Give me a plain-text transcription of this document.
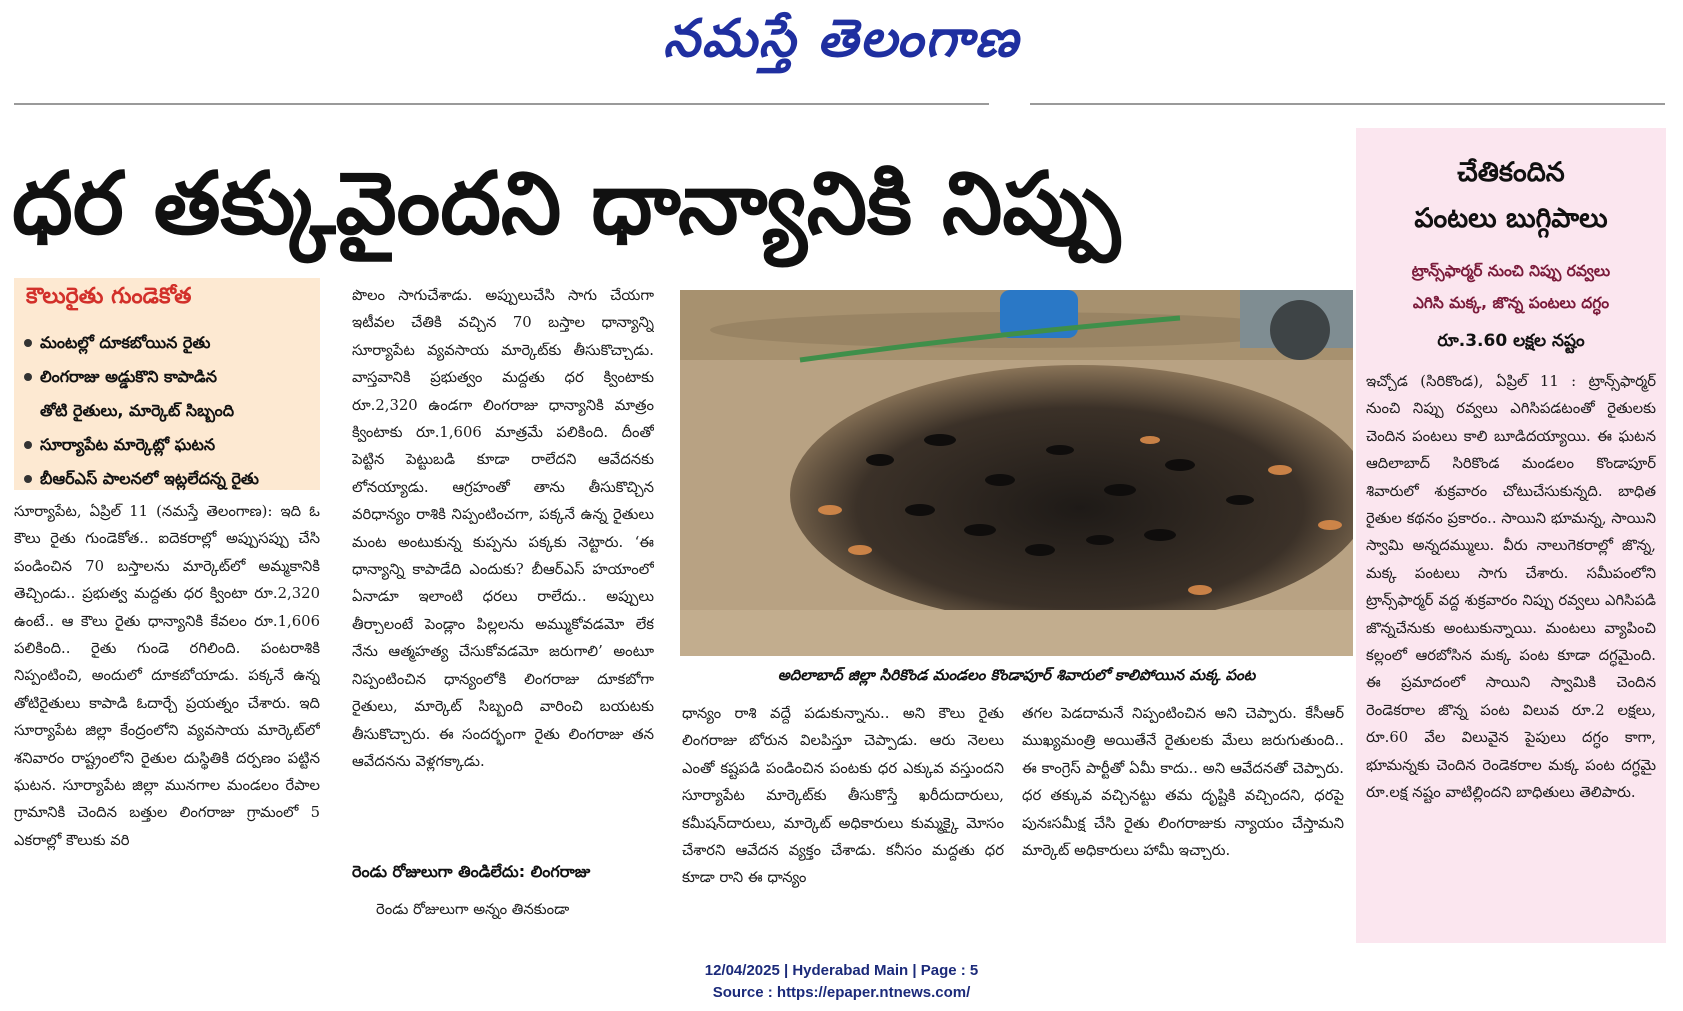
నమస్తే తెలంగాణ
ధర తక్కువైందని ధాన్యానికి నిప్పు
కౌలురైతు గుండెకోత
మంటల్లో దూకబోయిన రైతు
లింగరాజు అడ్డుకొని కాపాడిన
తోటి రైతులు, మార్కెట్ సిబ్బంది
సూర్యాపేట మార్కెట్లో ఘటన
బీఆర్ఎస్ పాలనలో ఇట్లలేదన్న రైతు
సూర్యాపేట, ఏప్రిల్ 11 (నమస్తే తెలంగాణ): ఇది ఓ కౌలు రైతు గుండెకోత.. ఐదెకరాల్లో అప్పుసప్పు చేసి పండించిన 70 బస్తాలను మార్కెట్‌లో అమ్మకానికి తెచ్చిండు.. ప్రభుత్వ మద్దతు ధర క్వింటా రూ.2,320 ఉంటే.. ఆ కౌలు రైతు ధాన్యానికి కేవలం రూ.1,606 పలికింది.. రైతు గుండె రగిలింది. పంటరాశికి నిప్పంటించి, అందులో దూకబోయాడు. పక్కనే ఉన్న తోటిరైతులు కాపాడి ఓదార్చే ప్రయత్నం చేశారు. ఇది సూర్యాపేట జిల్లా కేంద్రంలోని వ్యవసాయ మార్కెట్‌లో శనివారం రాష్ట్రంలోని రైతుల దుస్థితికి దర్పణం పట్టిన ఘటన. సూర్యాపేట జిల్లా మునగాల మండలం రేపాల గ్రామానికి చెందిన బత్తుల లింగరాజు గ్రామంలో 5 ఎకరాల్లో కౌలుకు వరి
పొలం సాగుచేశాడు. అప్పులుచేసి సాగు చేయగా ఇటీవల చేతికి వచ్చిన 70 బస్తాల ధాన్యాన్ని సూర్యాపేట వ్యవసాయ మార్కెట్‌కు తీసుకొచ్చాడు. వాస్తవానికి ప్రభుత్వం మద్దతు ధర క్వింటాకు రూ.2,320 ఉండగా లింగరాజు ధాన్యానికి మాత్రం క్వింటాకు రూ.1,606 మాత్రమే పలికింది. దీంతో పెట్టిన పెట్టుబడి కూడా రాలేదని ఆవేదనకు లోనయ్యాడు. ఆగ్రహంతో తాను తీసుకొచ్చిన వరిధాన్యం రాశికి నిప్పంటించగా, పక్కనే ఉన్న రైతులు మంట అంటుకున్న కుప్పను పక్కకు నెట్టారు. ‘ఈ ధాన్యాన్ని కాపాడేది ఎందుకు? బీఆర్ఎస్ హయాంలో ఏనాడూ ఇలాంటి ధరలు రాలేదు.. అప్పులు తీర్చాలంటే పెండ్లాం పిల్లలను అమ్ముకోవడమో లేక నేను ఆత్మహత్య చేసుకోవడమో జరుగాలి’ అంటూ నిప్పంటించిన ధాన్యంలోకి లింగరాజు దూకబోగా రైతులు, మార్కెట్ సిబ్బంది వారించి బయటకు తీసుకొచ్చారు. ఈ సందర్భంగా రైతు లింగరాజు తన ఆవేదనను వెళ్లగక్కాడు.
రెండు రోజులుగా తిండిలేదు: లింగరాజు
రెండు రోజులుగా అన్నం తినకుండా
అదిలాబాద్ జిల్లా సిరికొండ మండలం కొండాపూర్ శివారులో కాలిపోయిన మక్క పంట
ధాన్యం రాశి వద్దే పడుకున్నాను.. అని కౌలు రైతు లింగరాజు బోరున విలపిస్తూ చెప్పాడు. ఆరు నెలలు ఎంతో కష్టపడి పండించిన పంటకు ధర ఎక్కువ వస్తుందని సూర్యాపేట మార్కెట్‌కు తీసుకొస్తే ఖరీదుదారులు, కమీషన్‌దారులు, మార్కెట్ అధికారులు కుమ్మక్కై మోసం చేశారని ఆవేదన వ్యక్తం చేశాడు. కనీసం మద్దతు ధర కూడా రాని ఈ ధాన్యం
తగల పెడదామనే నిప్పంటించిన అని చెప్పారు. కేసీఆర్ ముఖ్యమంత్రి అయితేనే రైతులకు మేలు జరుగుతుంది.. ఈ కాంగ్రెస్ పార్టీతో ఏమీ కాదు.. అని ఆవేదనతో చెప్పారు. ధర తక్కువ వచ్చినట్టు తమ దృష్టికి వచ్చిందని, ధరపై పునఃసమీక్ష చేసి రైతు లింగరాజుకు న్యాయం చేస్తామని మార్కెట్ అధికారులు హామీ ఇచ్చారు.
చేతికందిన
పంటలు బుగ్గిపాలు
ట్రాన్స్‌ఫార్మర్ నుంచి నిప్పు రవ్వలు
ఎగిసి మక్క, జొన్న పంటలు దగ్ధం
రూ.3.60 లక్షల నష్టం
ఇచ్చోడ (సిరికొండ), ఏప్రిల్ 11 : ట్రాన్స్‌ఫార్మర్ నుంచి నిప్పు రవ్వలు ఎగిసిపడటంతో రైతులకు చెందిన పంటలు కాలి బూడిదయ్యాయి. ఈ ఘటన ఆదిలాబాద్ సిరికొండ మండలం కొండాపూర్ శివారులో శుక్రవారం చోటుచేసుకున్నది. బాధిత రైతుల కథనం ప్రకారం.. సాయిని భూమన్న, సాయిని స్వామి అన్నదమ్ములు. వీరు నాలుగెకరాల్లో జొన్న, మక్క పంటలు సాగు చేశారు. సమీపంలోని ట్రాన్స్‌ఫార్మర్ వద్ద శుక్రవారం నిప్పు రవ్వలు ఎగిసిపడి జొన్నచేనుకు అంటుకున్నాయి. మంటలు వ్యాపించి కల్లంలో ఆరబోసిన మక్క పంట కూడా దగ్ధమైంది. ఈ ప్రమాదంలో సాయిని స్వామికి చెందిన రెండెకరాల జొన్న పంట విలువ రూ.2 లక్షలు, రూ.60 వేల విలువైన పైపులు దగ్ధం కాగా, భూమన్నకు చెందిన రెండెకరాల మక్క పంట దగ్ధమై రూ.లక్ష నష్టం వాటిల్లిందని బాధితులు తెలిపారు.
12/04/2025 | Hyderabad Main | Page : 5
Source : https://epaper.ntnews.com/
